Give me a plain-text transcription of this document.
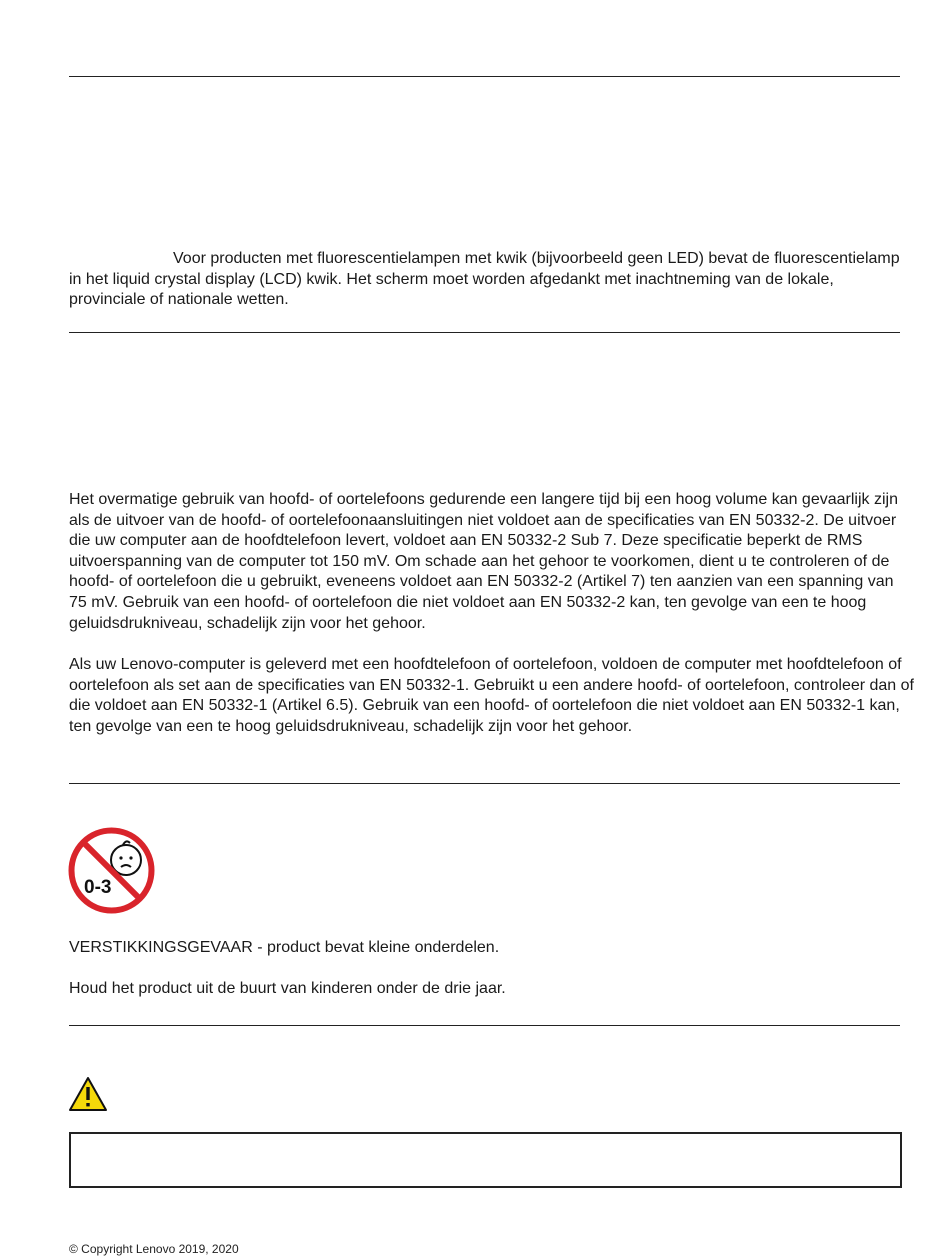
Voor producten met fluorescentielampen met kwik (bijvoorbeeld geen LED) bevat de fluorescentielamp in het liquid crystal display (LCD) kwik. Het scherm moet worden afgedankt met inachtneming van de lokale, provinciale of nationale wetten.

Het overmatige gebruik van hoofd- of oortelefoons gedurende een langere tijd bij een hoog volume kan gevaarlijk zijn als de uitvoer van de hoofd- of oortelefoonaansluitingen niet voldoet aan de specificaties van EN 50332-2. De uitvoer die uw computer aan de hoofdtelefoon levert, voldoet aan EN 50332-2 Sub 7. Deze specificatie beperkt de RMS uitvoerspanning van de computer tot 150 mV. Om schade aan het gehoor te voorkomen, dient u te controleren of de hoofd- of oortelefoon die u gebruikt, eveneens voldoet aan EN 50332-2 (Artikel 7) ten aanzien van een spanning van 75 mV. Gebruik van een hoofd- of oortelefoon die niet voldoet aan EN 50332-2 kan, ten gevolge van een te hoog geluidsdrukniveau, schadelijk zijn voor het gehoor.

Als uw Lenovo-computer is geleverd met een hoofdtelefoon of oortelefoon, voldoen de computer met hoofdtelefoon of oortelefoon als set aan de specificaties van EN 50332-1. Gebruikt u een andere hoofd- of oortelefoon, controleer dan of die voldoet aan EN 50332-1 (Artikel 6.5). Gebruik van een hoofd- of oortelefoon die niet voldoet aan EN 50332-1 kan, ten gevolge van een te hoog geluidsdrukniveau, schadelijk zijn voor het gehoor.

0-3

VERSTIKKINGSGEVAAR - product bevat kleine onderdelen.

Houd het product uit de buurt van kinderen onder de drie jaar.

© Copyright Lenovo 2019, 2020
